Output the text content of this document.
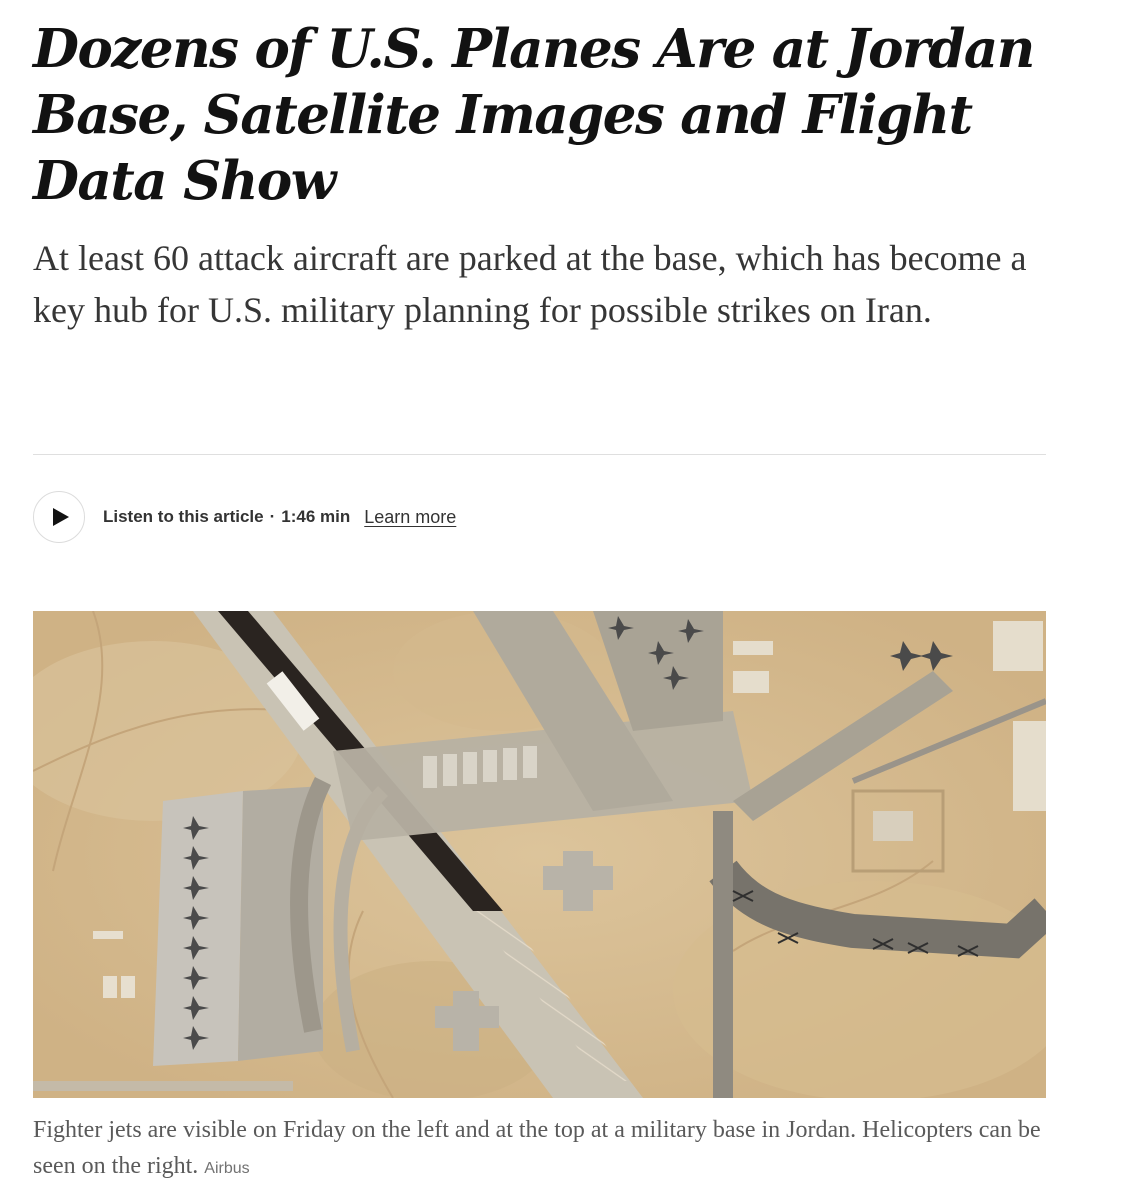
Dozens of U.S. Planes Are at Jordan Base, Satellite Images and Flight Data Show

At least 60 attack aircraft are parked at the base, which has become a key hub for U.S. military planning for possible strikes on Iran.

Listen to this article · 1:46 min Learn more

Fighter jets are visible on Friday on the left and at the top at a military base in Jordan. Helicopters can be seen on the right. Airbus
